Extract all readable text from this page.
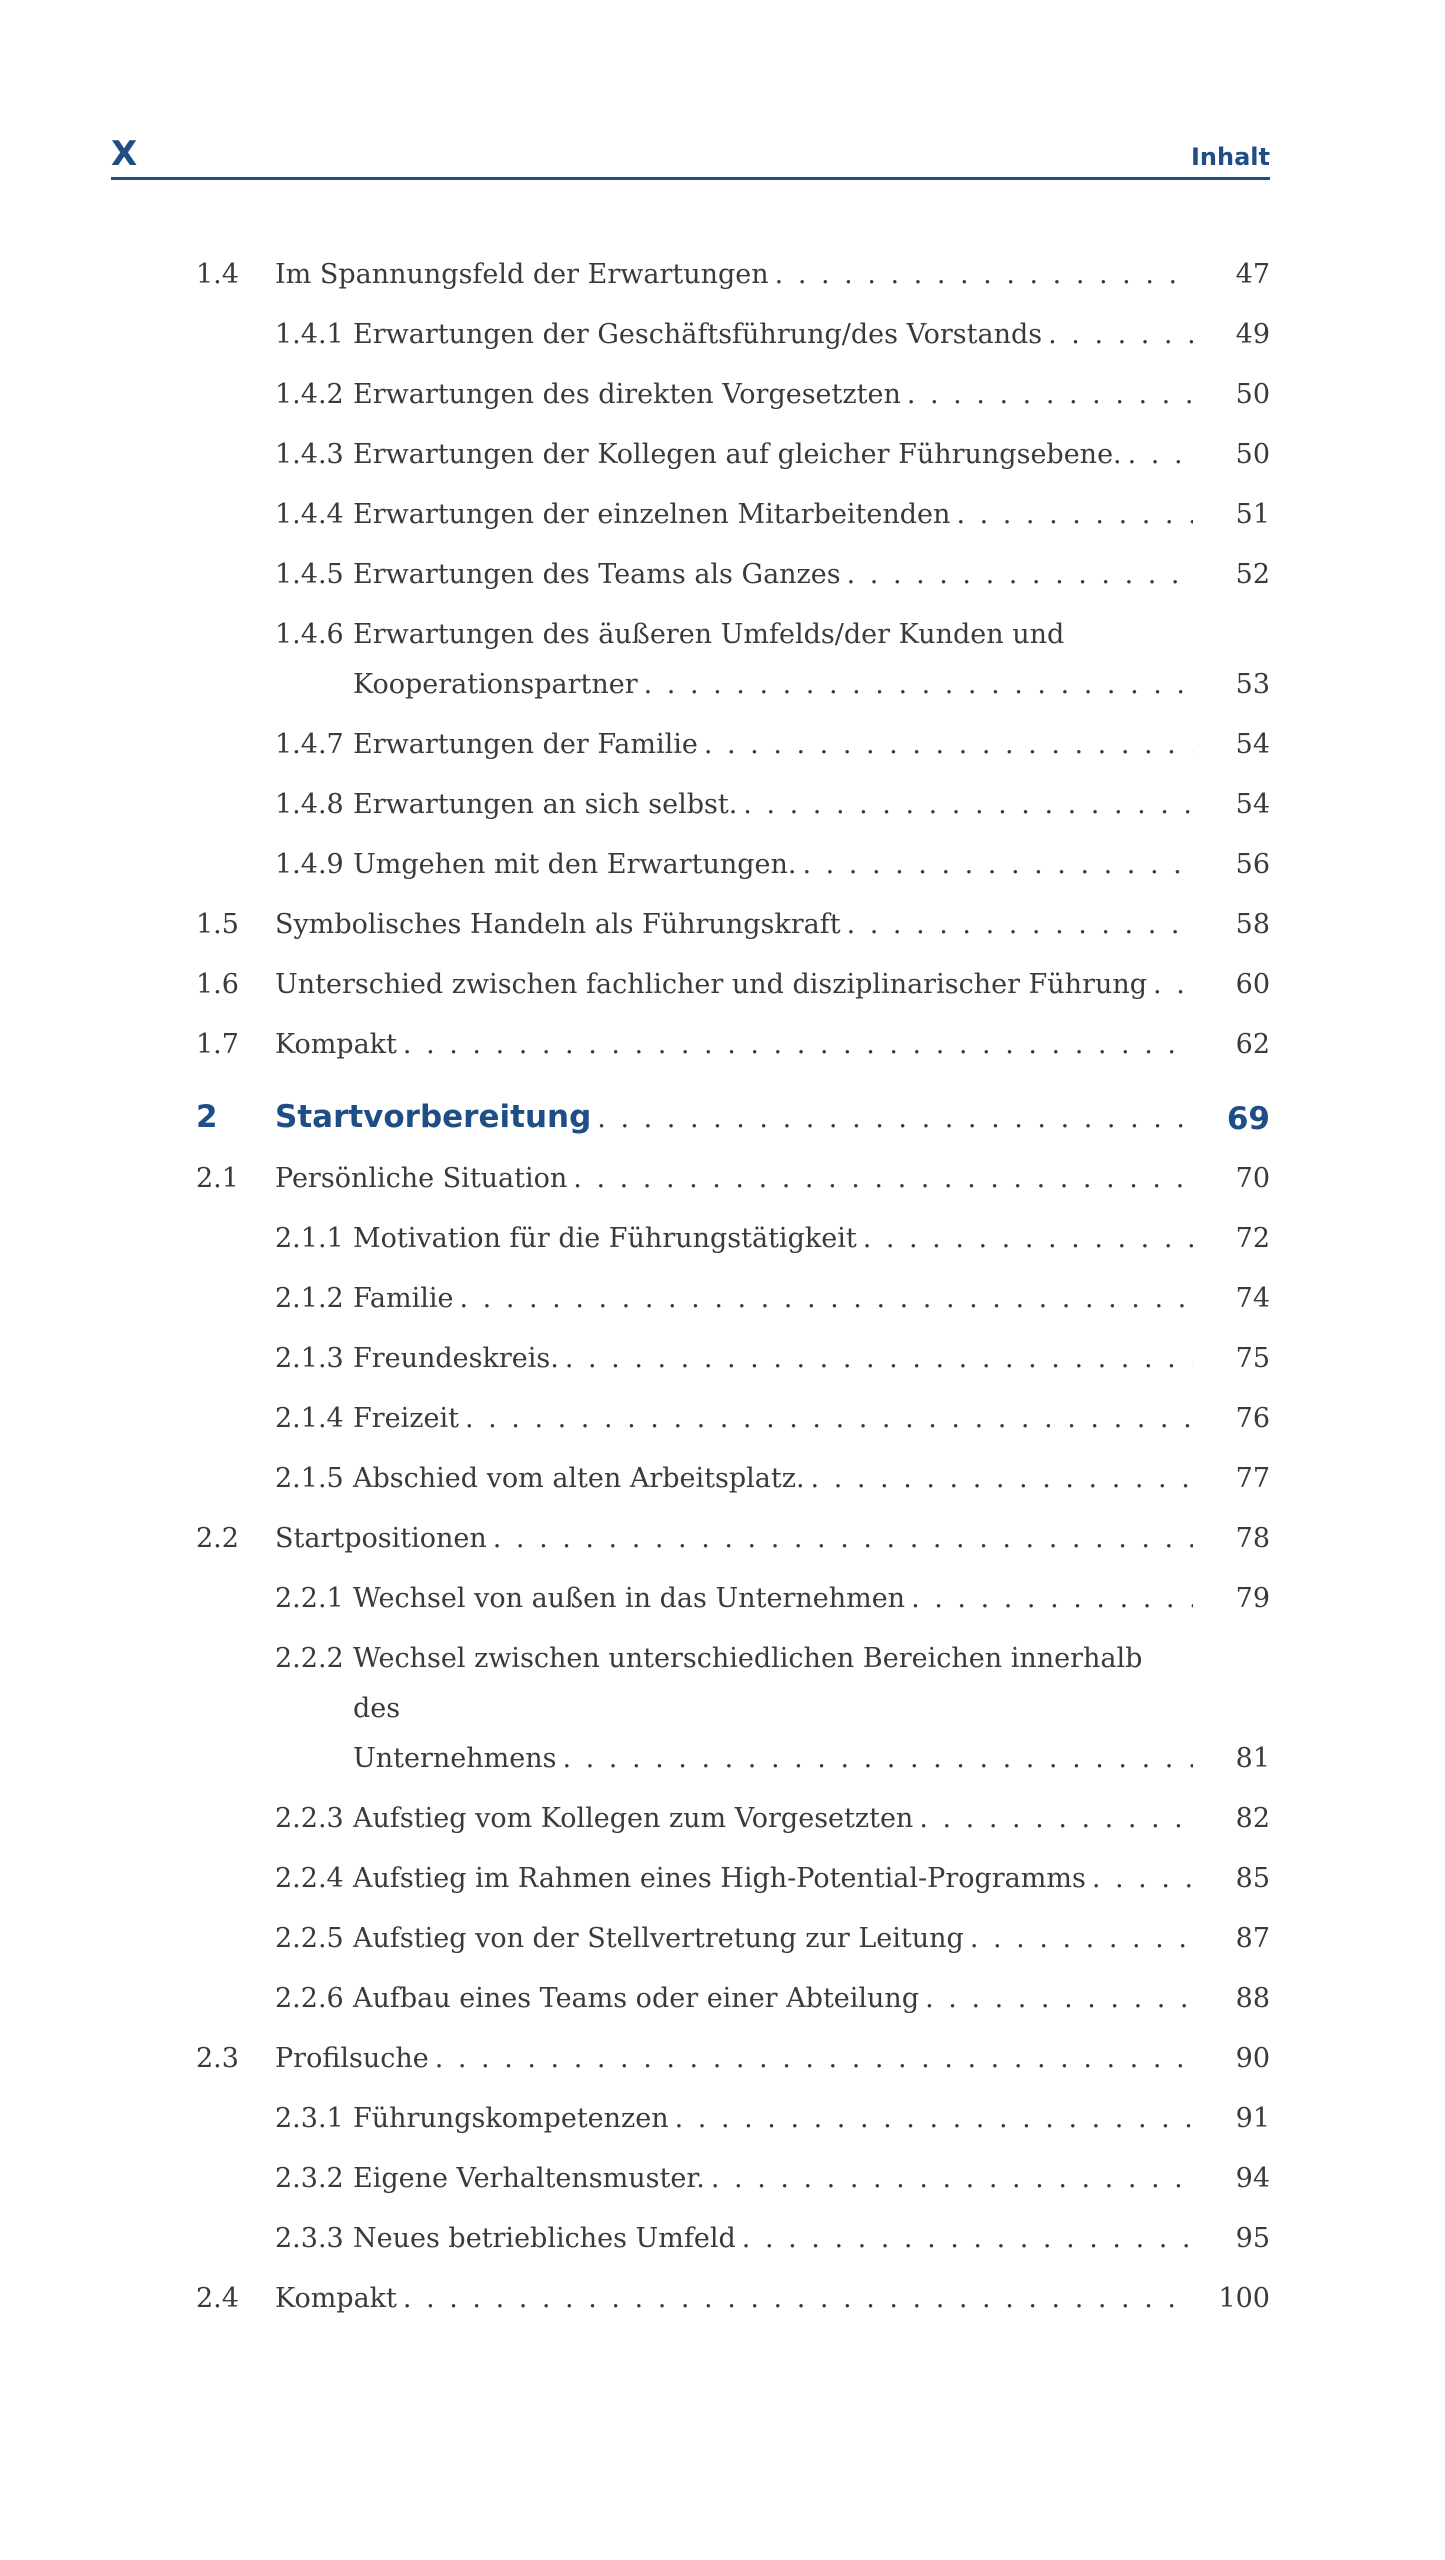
X	Inhalt
1.4 Im Spannungsfeld der Erwartungen . . .	47
1.4.1 Erwartungen der Geschäftsführung/des Vorstands . . .	49
1.4.2 Erwartungen des direkten Vorgesetzten . . .	50
1.4.3 Erwartungen der Kollegen auf gleicher Führungsebene. . . .	50
1.4.4 Erwartungen der einzelnen Mitarbeitenden . . .	51
1.4.5 Erwartungen des Teams als Ganzes . . .	52
1.4.6 Erwartungen des äußeren Umfelds/der Kunden und
Kooperationspartner . . .	53
1.4.7 Erwartungen der Familie . . .	54
1.4.8 Erwartungen an sich selbst. . . .	54
1.4.9 Umgehen mit den Erwartungen. . . .	56
1.5 Symbolisches Handeln als Führungskraft . . .	58
1.6 Unterschied zwischen fachlicher und disziplinarischer Führung . . .	60
1.7 Kompakt . . .	62
2 Startvorbereitung . . .	69
2.1 Persönliche Situation . . .	70
2.1.1 Motivation für die Führungstätigkeit . . .	72
2.1.2 Familie . . .	74
2.1.3 Freundeskreis. . . .	75
2.1.4 Freizeit . . .	76
2.1.5 Abschied vom alten Arbeitsplatz. . . .	77
2.2 Startpositionen . . .	78
2.2.1 Wechsel von außen in das Unternehmen . . .	79
2.2.2 Wechsel zwischen unterschiedlichen Bereichen innerhalb des
Unternehmens . . .	81
2.2.3 Aufstieg vom Kollegen zum Vorgesetzten . . .	82
2.2.4 Aufstieg im Rahmen eines High-Potential-Programms . . .	85
2.2.5 Aufstieg von der Stellvertretung zur Leitung . . .	87
2.2.6 Aufbau eines Teams oder einer Abteilung . . .	88
2.3 Profilsuche . . .	90
2.3.1 Führungskompetenzen . . .	91
2.3.2 Eigene Verhaltensmuster. . . .	94
2.3.3 Neues betriebliches Umfeld . . .	95
2.4 Kompakt . . .	100
